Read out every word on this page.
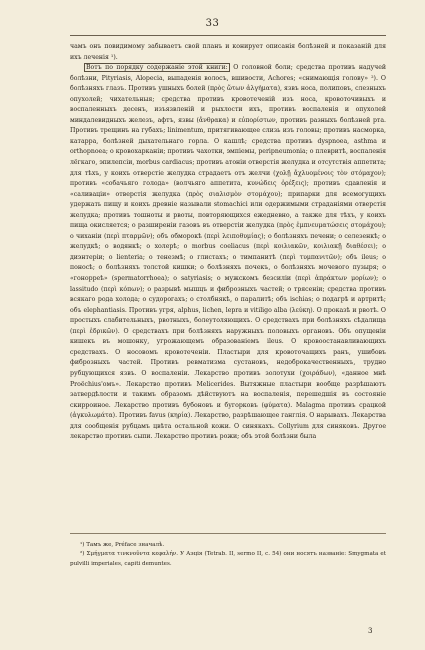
33

чамъ онъ повидимому забываетъ свой планъ и конирует описанія болѣзней и показаній для ихъ леченія ¹).

Вотъ по порядку содержаніе этой книги: О головной боли; средства противъ надучей болѣзни, Pityriasis, Alopecia, выпаденія волосъ, вшивости, Achores; «снимающія голову» ²). О болѣзняхъ глазъ. Противъ ушныхъ болей (πρὸς ὤτων ἀλγήματα), язвъ носа, полиповъ, слезныхъ опухолей; чихательныя; средства противъ кровотеченій изъ носа, кровоточивыхъ и воспаленныхъ десенъ, изъязвленій и рыхлости ихъ, противъ воспаленія и опухолей миндалевидныхъ железъ, афтъ, язвы (ἄνθρακα) и εὐπορίστων, противъ разныхъ болѣзней рта. Противъ трещинъ на губахъ; linimentum, притягивающее слизь изъ головы; противъ насморка, катарра, болѣзней дыхательнаго горла. О кашлѣ; средства противъ dyspnoea, asthma и orthopnoea; о кровохарканіи; противъ чахотки, эмпіемы, peripneumonia; о плевритѣ, воспаленія лёгкаго, эпилепсіи, morbus cardiacus; противъ атоніи отверстія желудка и отсутствія аппетита; для тѣхъ, у коихъ отверстіе желудка страдаетъ отъ желчи (χολῇ ἄχλυομένοις τὸν στόμαχον); противъ «собачьяго голода» (волчьяго аппетита, κυνώδεις ὀρέξεις); противъ сдавленія и «саливаціи» отверстія желудка (πρὸς σιαλισμὸν στομάχου); припарки для всемогущихъ удержать пищу и коихъ древніе называли stomachici или одержимыми страданіями отверстія желудка; противъ тошноты и рвоты, повторяющихся ежедневно, а также для тѣхъ, у коихъ пища окисляется; о разширеніи газовъ въ отверстіи желудка (πρὸς ἐμπνευματώσεις στομάχου); о чиханіи (περὶ πταρμῶν); объ обморокѣ (περὶ λειποθυμίας); о болѣзняхъ печени; о селезенкѣ; о желудкѣ; о водянкѣ; о холерѣ; о morbus coeliacus (περὶ κοιλιακῶν, κοιλιακῇ διαθέσει); о диэнтеріи; о lienteria; о тенезмѣ; о глистахъ; о тимпанитѣ (περὶ τυμπανιτῶν); объ ileus; о поносѣ; о болѣзняхъ толстой кишки; о болѣзняхъ почекъ, о болѣзняхъ мочевого пузыря; о «гонорреѣ» (spermatorrhoea); о satyriasis; о мужскомъ безсиліи (περὶ ἀπράκτων μορίων); о lassitudo (περὶ κόπων); о разрывѣ мышцъ и фиброзныхъ частей; о трясеніи; средства противъ всякаго рода холода; о судорогахъ; о столбнякѣ, о паралитѣ; объ ischias; о подагрѣ и артритѣ; объ elephantiasis. Противъ угря, alphus, lichen, lepra и vitiligo alba (λεύκη). О проказѣ и рвотѣ. О простыхъ слабительныхъ, рвотныхъ, болеутоляющихъ. О средствахъ при болѣзняхъ сѣдалища (περὶ ἑδρικῶν). О средствахъ при болѣзняхъ наружныхъ половыхъ органовъ. Объ опущеніи кишекъ въ мошонку, угрожающемъ образованіемъ ileus. О кровоостанавливающихъ средствахъ. О носовомъ кровотеченіи. Пластыри для кровоточащихъ ранъ, ушибовъ фиброзныхъ частей. Противъ ревматизма сустановъ, недоброкачественныхъ, трудно рубцующихся язвъ. О воспаленіи. Лекарство противъ золотухи (χοιράδων), «данное мнѣ Proëchius'омъ». Лекарство противъ Meliceridеs. Вытяжные пластыри вообще разрѣшаютъ затвердѣлости и такимъ образомъ дѣйствуютъ на воспаленія, перешедшія въ состояніе скирроиное. Лекарство противъ бубоновъ и бугорковъ (φύματα). Malagma противъ срацкой (ἀγκυλωμάτα). Противъ favus (κηρία). Лекарство, разрѣшающее ганглія. О нарывахъ. Лекарства для сообщенія рубцамъ цвѣта остальной кожи. О синякахъ. Collyrium для синяковъ. Другое лекарство противъ сыпи. Лекарство противъ рожи; объ этой болѣзни была

¹) Тамъ же, Préface значалѣ.

²) Σμήγματα τινκνοῦντα κεφαλήν. У Аэція (Tetrab. II, sermo II, c. 54) они носятъ названіе: Smygmata et pulvilli imperiales, capiti demuntes.

3
